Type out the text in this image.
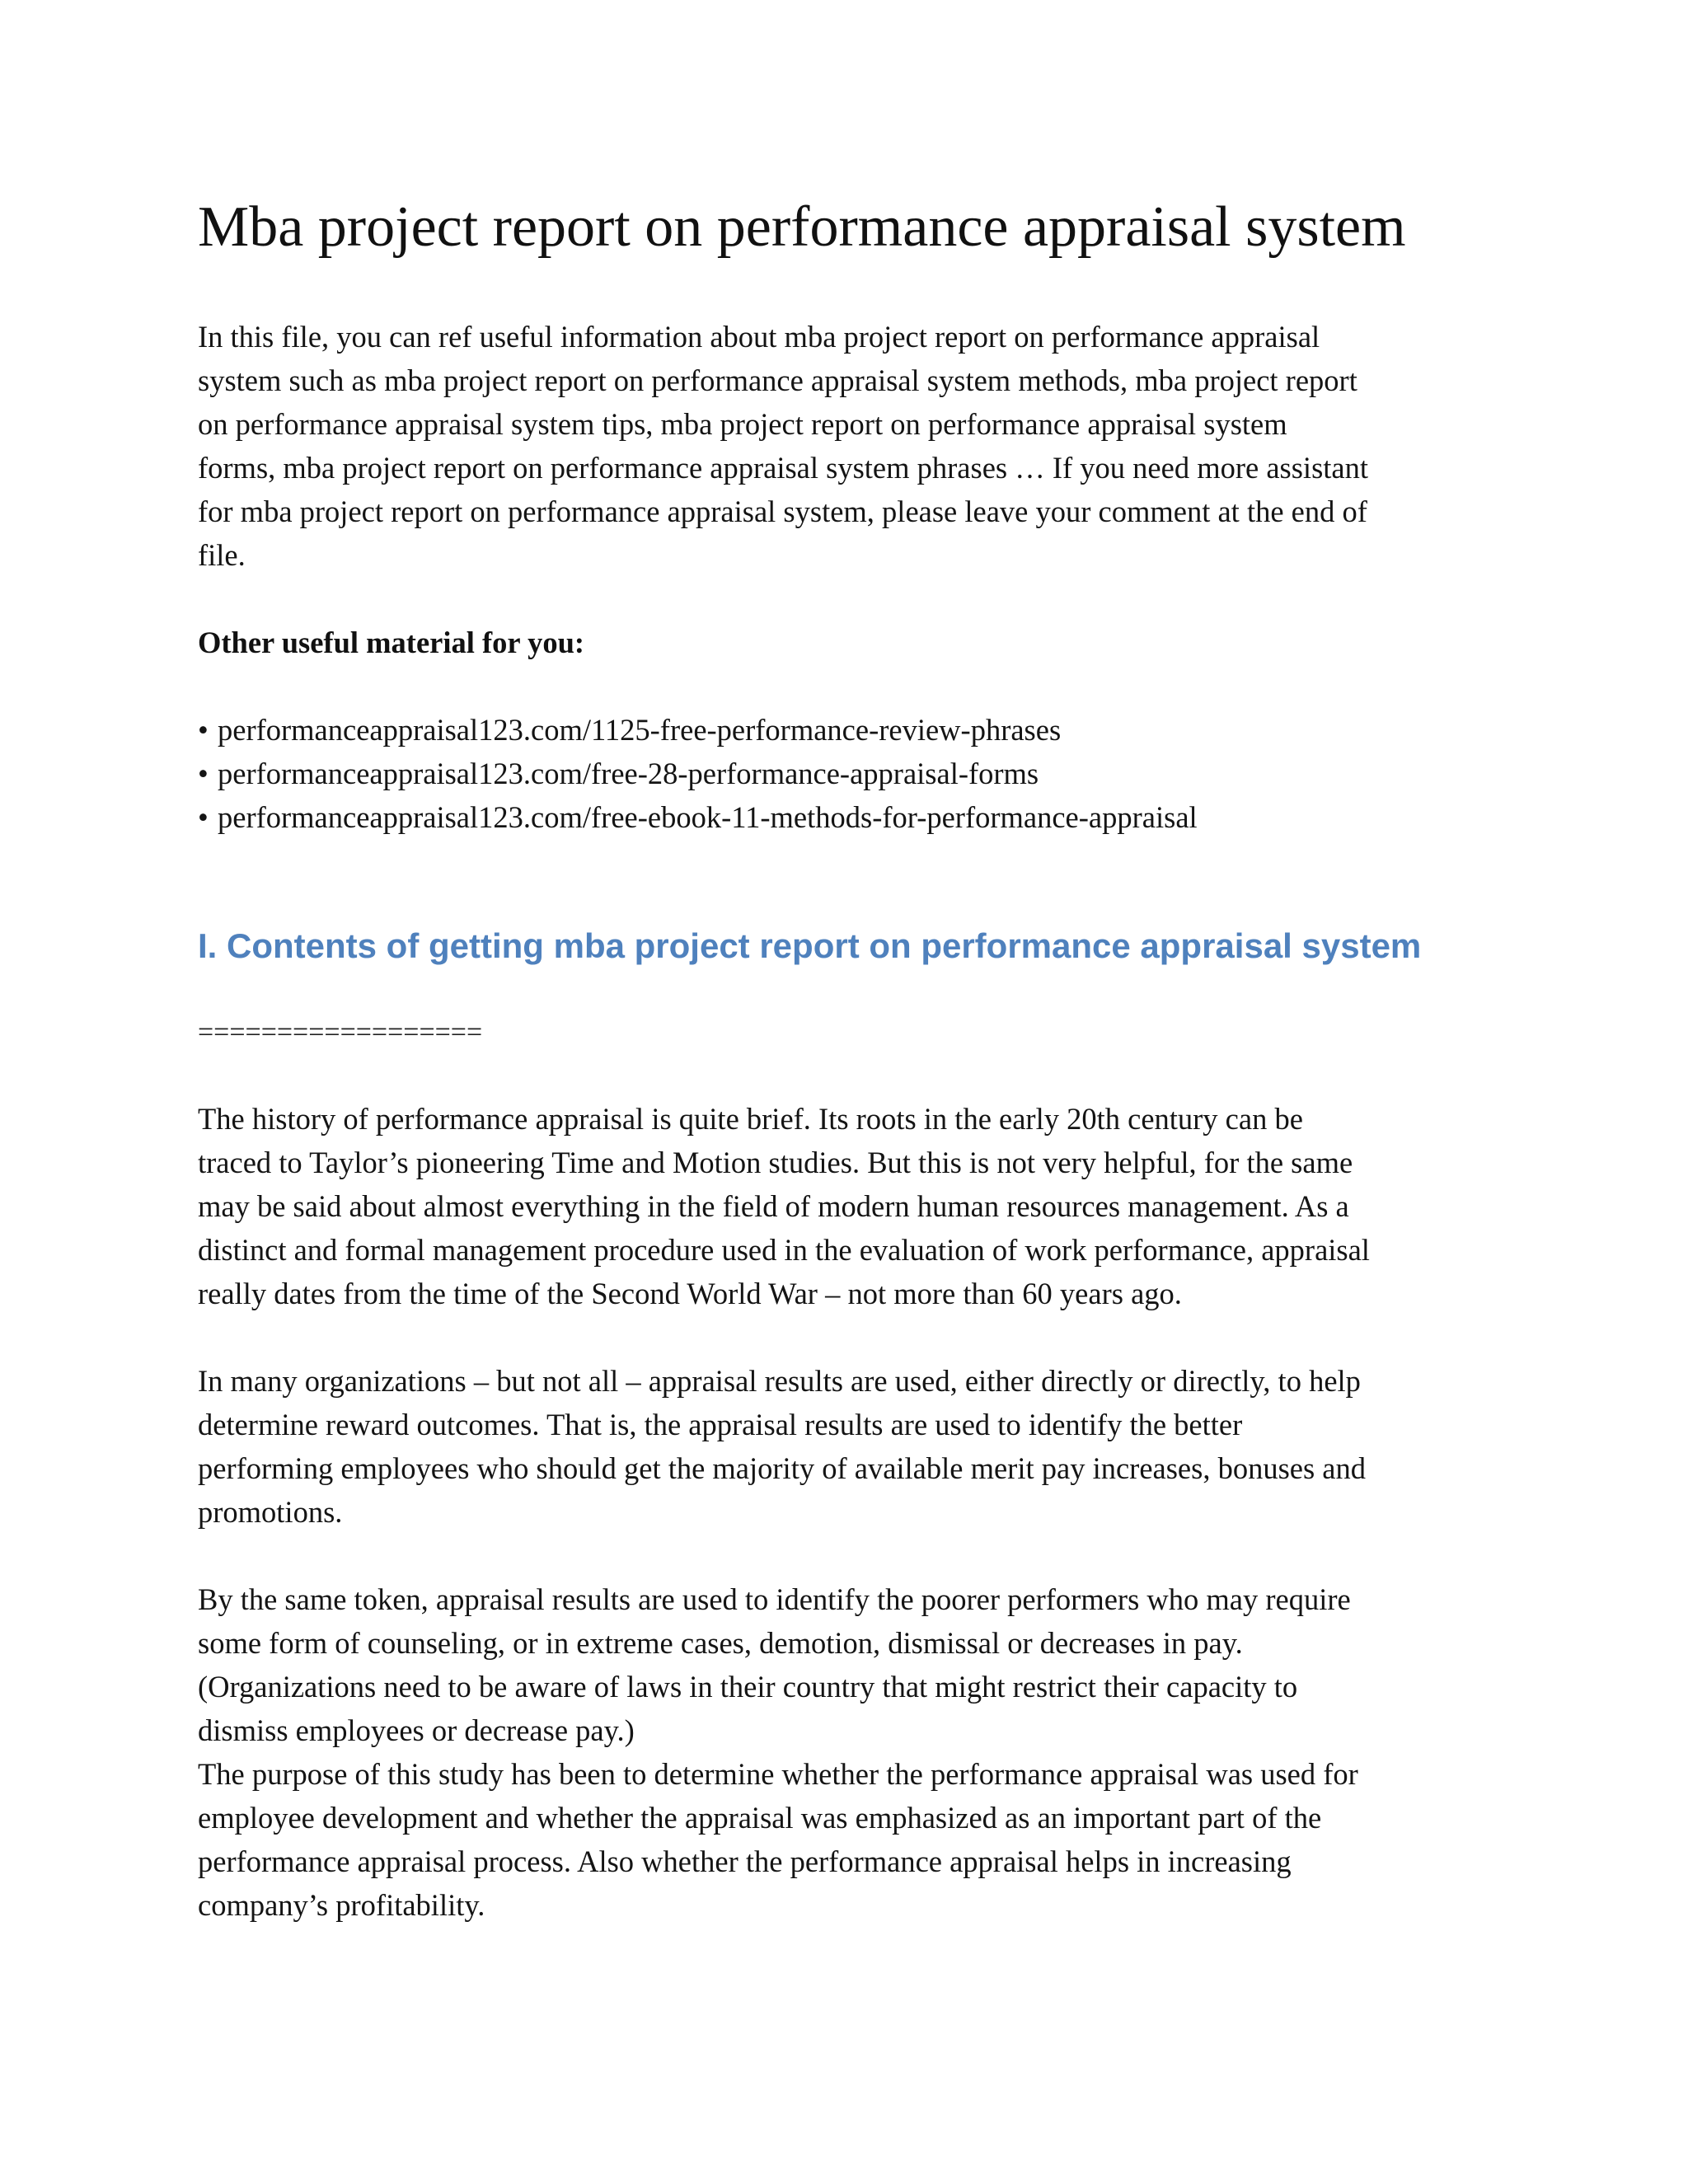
Mba project report on performance appraisal system

In this file, you can ref useful information about mba project report on performance appraisal
system such as mba project report on performance appraisal system methods, mba project report
on performance appraisal system tips, mba project report on performance appraisal system
forms, mba project report on performance appraisal system phrases … If you need more assistant
for mba project report on performance appraisal system, please leave your comment at the end of
file.

Other useful material for you:

• performanceappraisal123.com/1125-free-performance-review-phrases
• performanceappraisal123.com/free-28-performance-appraisal-forms
• performanceappraisal123.com/free-ebook-11-methods-for-performance-appraisal
I. Contents of getting mba project report on performance appraisal system

==================

The history of performance appraisal is quite brief. Its roots in the early 20th century can be
traced to Taylor’s pioneering Time and Motion studies. But this is not very helpful, for the same
may be said about almost everything in the field of modern human resources management. As a
distinct and formal management procedure used in the evaluation of work performance, appraisal
really dates from the time of the Second World War – not more than 60 years ago.

In many organizations – but not all – appraisal results are used, either directly or directly, to help
determine reward outcomes. That is, the appraisal results are used to identify the better
performing employees who should get the majority of available merit pay increases, bonuses and
promotions.

By the same token, appraisal results are used to identify the poorer performers who may require
some form of counseling, or in extreme cases, demotion, dismissal or decreases in pay.
(Organizations need to be aware of laws in their country that might restrict their capacity to
dismiss employees or decrease pay.)
The purpose of this study has been to determine whether the performance appraisal was used for
employee development and whether the appraisal was emphasized as an important part of the
performance appraisal process. Also whether the performance appraisal helps in increasing
company’s profitability.
